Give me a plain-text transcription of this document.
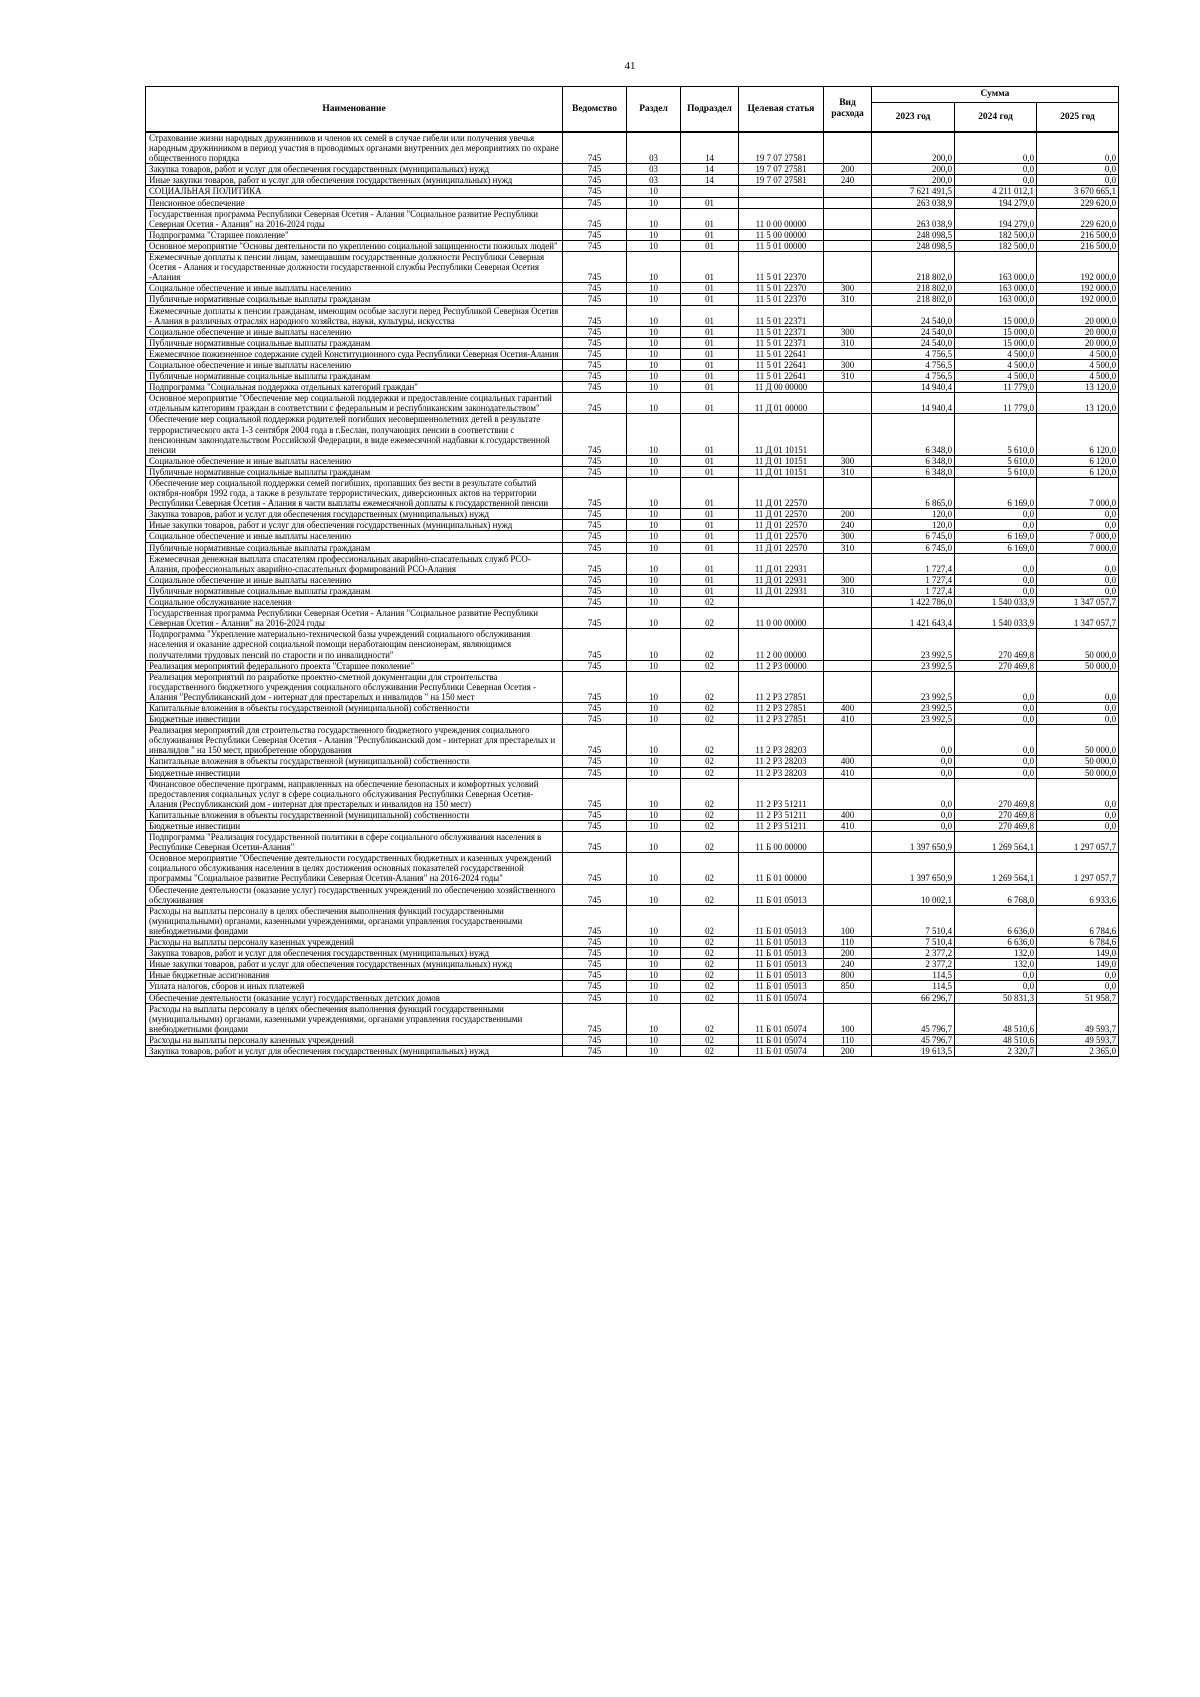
41
Наименование	Ведомство	Раздел	Подраздел	Целевая статья	Вид расхода	Сумма		
						2023 год	2024 год	2025 год
Страхование жизни народных дружинников и членов их семей в случае гибели или получения увечья народным дружинником в период участия в проводимых органами внутренних дел мероприятиях по охране общественного порядка	745	03	14	19 7 07 27581		200,0	0,0	0,0
Закупка товаров, работ и услуг для обеспечения государственных (муниципальных) нужд	745	03	14	19 7 07 27581	200	200,0	0,0	0,0
Иные закупки товаров, работ и услуг для обеспечения государственных (муниципальных) нужд	745	03	14	19 7 07 27581	240	200,0	0,0	0,0
СОЦИАЛЬНАЯ ПОЛИТИКА	745	10				7 621 491,5	4 211 012,1	3 670 665,1
Пенсионное обеспечение	745	10	01			263 038,9	194 279,0	229 620,0
Государственная программа Республики Северная Осетия - Алания "Социальное развитие Республики Северная Осетия - Алания" на 2016-2024 годы	745	10	01	11 0 00 00000		263 038,9	194 279,0	229 620,0
Подпрограмма "Старшее поколение"	745	10	01	11 5 00 00000		248 098,5	182 500,0	216 500,0
Основное мероприятие "Основы деятельности по укреплению социальной защищенности пожилых людей"	745	10	01	11 5 01 00000		248 098,5	182 500,0	216 500,0
Ежемесячные доплаты к пенсии лицам, замещавшим государственные должности Республики Северная Осетия - Алания и государственные должности государственной службы Республики Северная Осетия -Алания	745	10	01	11 5 01 22370		218 802,0	163 000,0	192 000,0
Социальное обеспечение и иные выплаты населению	745	10	01	11 5 01 22370	300	218 802,0	163 000,0	192 000,0
Публичные нормативные социальные выплаты гражданам	745	10	01	11 5 01 22370	310	218 802,0	163 000,0	192 000,0
Ежемесячные доплаты к пенсии гражданам, имеющим особые заслуги перед Республикой Северная Осетия - Алания в различных отраслях народного хозяйства, науки, культуры, искусства	745	10	01	11 5 01 22371		24 540,0	15 000,0	20 000,0
Социальное обеспечение и иные выплаты населению	745	10	01	11 5 01 22371	300	24 540,0	15 000,0	20 000,0
Публичные нормативные социальные выплаты гражданам	745	10	01	11 5 01 22371	310	24 540,0	15 000,0	20 000,0
Ежемесячное пожизненное содержание судей Конституционного суда Республики Северная Осетия-Алания	745	10	01	11 5 01 22641		4 756,5	4 500,0	4 500,0
Социальное обеспечение и иные выплаты населению	745	10	01	11 5 01 22641	300	4 756,5	4 500,0	4 500,0
Публичные нормативные социальные выплаты гражданам	745	10	01	11 5 01 22641	310	4 756,5	4 500,0	4 500,0
Подпрограмма "Социальная поддержка отдельных категорий граждан"	745	10	01	11 Д 00 00000		14 940,4	11 779,0	13 120,0
Основное мероприятие "Обеспечение мер социальной поддержки и предоставление социальных гарантий отдельным категориям граждан в соответствии с федеральным и республиканским законодательством"	745	10	01	11 Д 01 00000		14 940,4	11 779,0	13 120,0
Обеспечение мер социальной поддержки родителей погибших несовершеннолетних детей в результате террористического акта 1-3 сентября 2004 года в г.Беслан, получающих пенсии в соответствии с пенсионным законодательством Российской Федерации, в виде ежемесячной надбавки к государственной пенсии	745	10	01	11 Д 01 10151		6 348,0	5 610,0	6 120,0
Социальное обеспечение и иные выплаты населению	745	10	01	11 Д 01 10151	300	6 348,0	5 610,0	6 120,0
Публичные нормативные социальные выплаты гражданам	745	10	01	11 Д 01 10151	310	6 348,0	5 610,0	6 120,0
Обеспечение мер социальной поддержки семей погибших, пропавших без вести в результате событий октября-ноября 1992 года, а также в результате террористических, диверсионных актов на территории Республики Северная Осетия - Алания в части выплаты ежемесячной доплаты к государственной пенсии	745	10	01	11 Д 01 22570		6 865,0	6 169,0	7 000,0
Закупка товаров, работ и услуг для обеспечения государственных (муниципальных) нужд	745	10	01	11 Д 01 22570	200	120,0	0,0	0,0
Иные закупки товаров, работ и услуг для обеспечения государственных (муниципальных) нужд	745	10	01	11 Д 01 22570	240	120,0	0,0	0,0
Социальное обеспечение и иные выплаты населению	745	10	01	11 Д 01 22570	300	6 745,0	6 169,0	7 000,0
Публичные нормативные социальные выплаты гражданам	745	10	01	11 Д 01 22570	310	6 745,0	6 169,0	7 000,0
Ежемесячная денежная выплата спасателям профессиональных аварийно-спасательных служб РСО-Алания, профессиональных аварийно-спасательных формирований РСО-Алания	745	10	01	11 Д 01 22931		1 727,4	0,0	0,0
Социальное обеспечение и иные выплаты населению	745	10	01	11 Д 01 22931	300	1 727,4	0,0	0,0
Публичные нормативные социальные выплаты гражданам	745	10	01	11 Д 01 22931	310	1 727,4	0,0	0,0
Социальное обслуживание населения	745	10	02			1 422 786,0	1 540 033,9	1 347 057,7
Государственная программа Республики Северная Осетия - Алания "Социальное развитие Республики Северная Осетия - Алания" на 2016-2024 годы	745	10	02	11 0 00 00000		1 421 643,4	1 540 033,9	1 347 057,7
Подпрограмма "Укрепление материально-технической базы учреждений социального обслуживания населения и оказание адресной социальной помощи неработающим пенсионерам, являющимся получателями трудовых пенсий по старости и по инвалидности"	745	10	02	11 2 00 00000		23 992,5	270 469,8	50 000,0
Реализация мероприятий федерального проекта "Старшее поколение"	745	10	02	11 2 P3 00000		23 992,5	270 469,8	50 000,0
Реализация мероприятий по разработке проектно-сметной документации для строительства государственного бюджетного учреждения социального обслуживания Республики Северная Осетия - Алания "Республиканский дом - интернат для престарелых и инвалидов " на 150 мест	745	10	02	11 2 P3 27851		23 992,5	0,0	0,0
Капитальные вложения в объекты государственной (муниципальной) собственности	745	10	02	11 2 P3 27851	400	23 992,5	0,0	0,0
Бюджетные инвестиции	745	10	02	11 2 P3 27851	410	23 992,5	0,0	0,0
Реализация мероприятий для строительства государственного бюджетного учреждения социального обслуживания Республики Северная Осетия - Алания "Республиканский дом - интернат для престарелых и инвалидов " на 150 мест, приобретение оборудования	745	10	02	11 2 P3 28203		0,0	0,0	50 000,0
Капитальные вложения в объекты государственной (муниципальной) собственности	745	10	02	11 2 P3 28203	400	0,0	0,0	50 000,0
Бюджетные инвестиции	745	10	02	11 2 P3 28203	410	0,0	0,0	50 000,0
Финансовое обеспечение программ, направленных на обеспечение безопасных и комфортных условий предоставления социальных услуг в сфере социального обслуживания Республики Северная Осетия-Алания (Республиканский дом - интернат для престарелых и инвалидов на 150 мест)	745	10	02	11 2 P3 51211		0,0	270 469,8	0,0
Капитальные вложения в объекты государственной (муниципальной) собственности	745	10	02	11 2 P3 51211	400	0,0	270 469,8	0,0
Бюджетные инвестиции	745	10	02	11 2 P3 51211	410	0,0	270 469,8	0,0
Подпрограмма "Реализация государственной политики в сфере социального обслуживания населения в Республике Северная Осетия-Алания"	745	10	02	11 Б 00 00000		1 397 650,9	1 269 564,1	1 297 057,7
Основное мероприятие "Обеспечение деятельности государственных бюджетных и казенных учреждений социального обслуживания населения в целях достижения основных показателей государственной программы "Социальное развитие Республики Северная Осетия-Алания" на 2016-2024 годы"	745	10	02	11 Б 01 00000		1 397 650,9	1 269 564,1	1 297 057,7
Обеспечение деятельности (оказание услуг) государственных учреждений по обеспечению хозяйственного обслуживания	745	10	02	11 Б 01 05013		10 002,1	6 768,0	6 933,6
Расходы на выплаты персоналу в целях обеспечения выполнения функций государственными (муниципальными) органами, казенными учреждениями, органами управления государственными внебюджетными фондами	745	10	02	11 Б 01 05013	100	7 510,4	6 636,0	6 784,6
Расходы на выплаты персоналу казенных учреждений	745	10	02	11 Б 01 05013	110	7 510,4	6 636,0	6 784,6
Закупка товаров, работ и услуг для обеспечения государственных (муниципальных) нужд	745	10	02	11 Б 01 05013	200	2 377,2	132,0	149,0
Иные закупки товаров, работ и услуг для обеспечения государственных (муниципальных) нужд	745	10	02	11 Б 01 05013	240	2 377,2	132,0	149,0
Иные бюджетные ассигнования	745	10	02	11 Б 01 05013	800	114,5	0,0	0,0
Уплата налогов, сборов и иных платежей	745	10	02	11 Б 01 05013	850	114,5	0,0	0,0
Обеспечение деятельности (оказание услуг) государственных детских домов	745	10	02	11 Б 01 05074		66 296,7	50 831,3	51 958,7
Расходы на выплаты персоналу в целях обеспечения выполнения функций государственными (муниципальными) органами, казенными учреждениями, органами управления государственными внебюджетными фондами	745	10	02	11 Б 01 05074	100	45 796,7	48 510,6	49 593,7
Расходы на выплаты персоналу казенных учреждений	745	10	02	11 Б 01 05074	110	45 796,7	48 510,6	49 593,7
Закупка товаров, работ и услуг для обеспечения государственных (муниципальных) нужд	745	10	02	11 Б 01 05074	200	19 613,5	2 320,7	2 365,0
